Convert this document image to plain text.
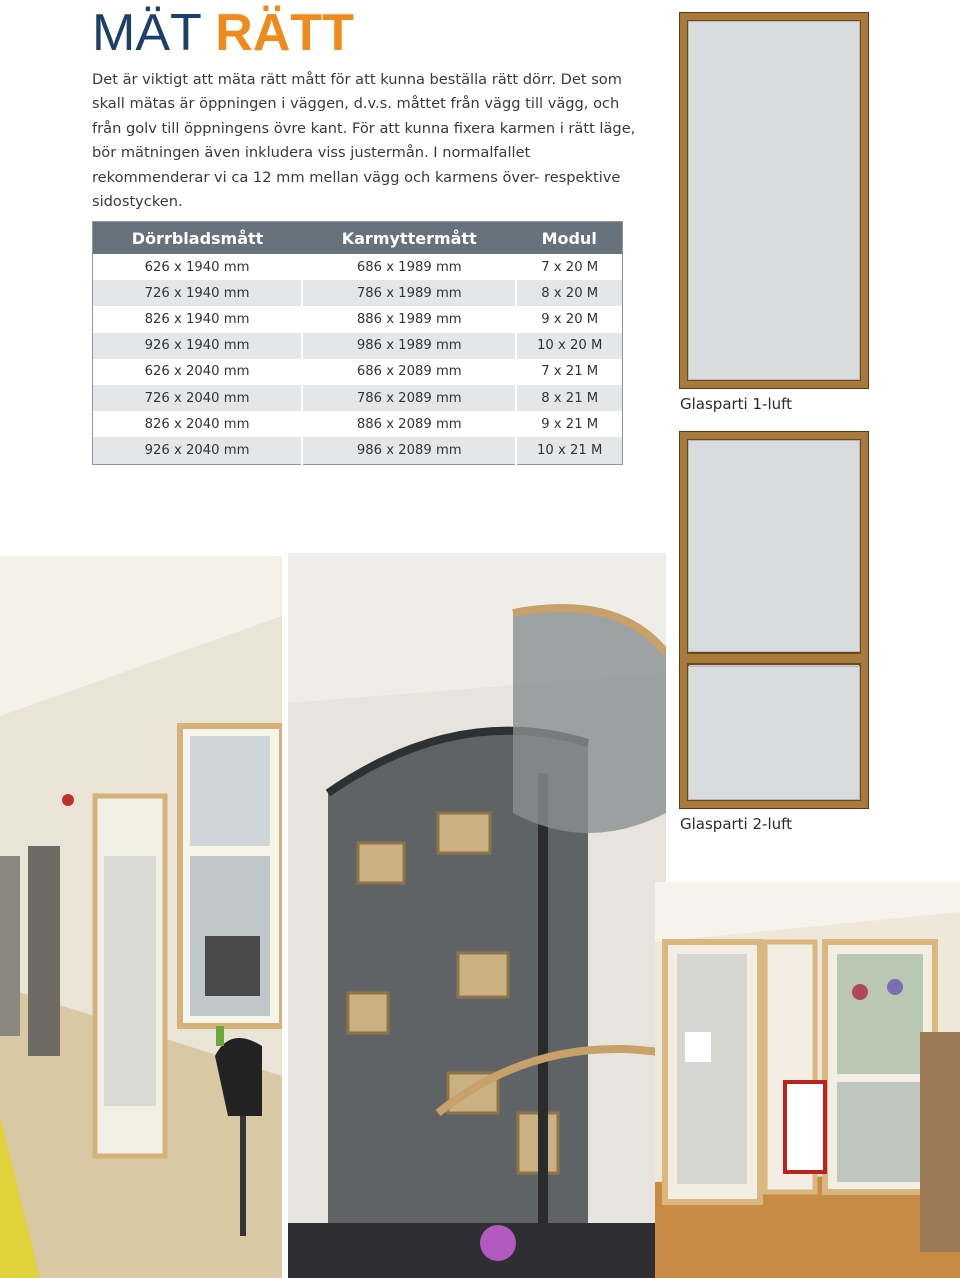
MÄT RÄTT

Det är viktigt att mäta rätt mått för att kunna beställa rätt dörr. Det som skall mätas är öppningen i väggen, d.v.s. måttet från vägg till vägg, och från golv till öppningens övre kant. För att kunna fixera karmen i rätt läge, bör mätningen även inkludera viss justermån. I normalfallet rekommenderar vi ca 12 mm mellan vägg och karmens över- respektive sidostycken.

Dörrbladsmått	Karmyttermått	Modul
626 x 1940 mm	686 x 1989 mm	7 x 20 M
726 x 1940 mm	786 x 1989 mm	8 x 20 M
826 x 1940 mm	886 x 1989 mm	9 x 20 M
926 x 1940 mm	986 x 1989 mm	10 x 20 M
626 x 2040 mm	686 x 2089 mm	7 x 21 M
726 x 2040 mm	786 x 2089 mm	8 x 21 M
826 x 2040 mm	886 x 2089 mm	9 x 21 M
926 x 2040 mm	986 x 2089 mm	10 x 21 M

Glasparti 1-luft

Glasparti 2-luft
